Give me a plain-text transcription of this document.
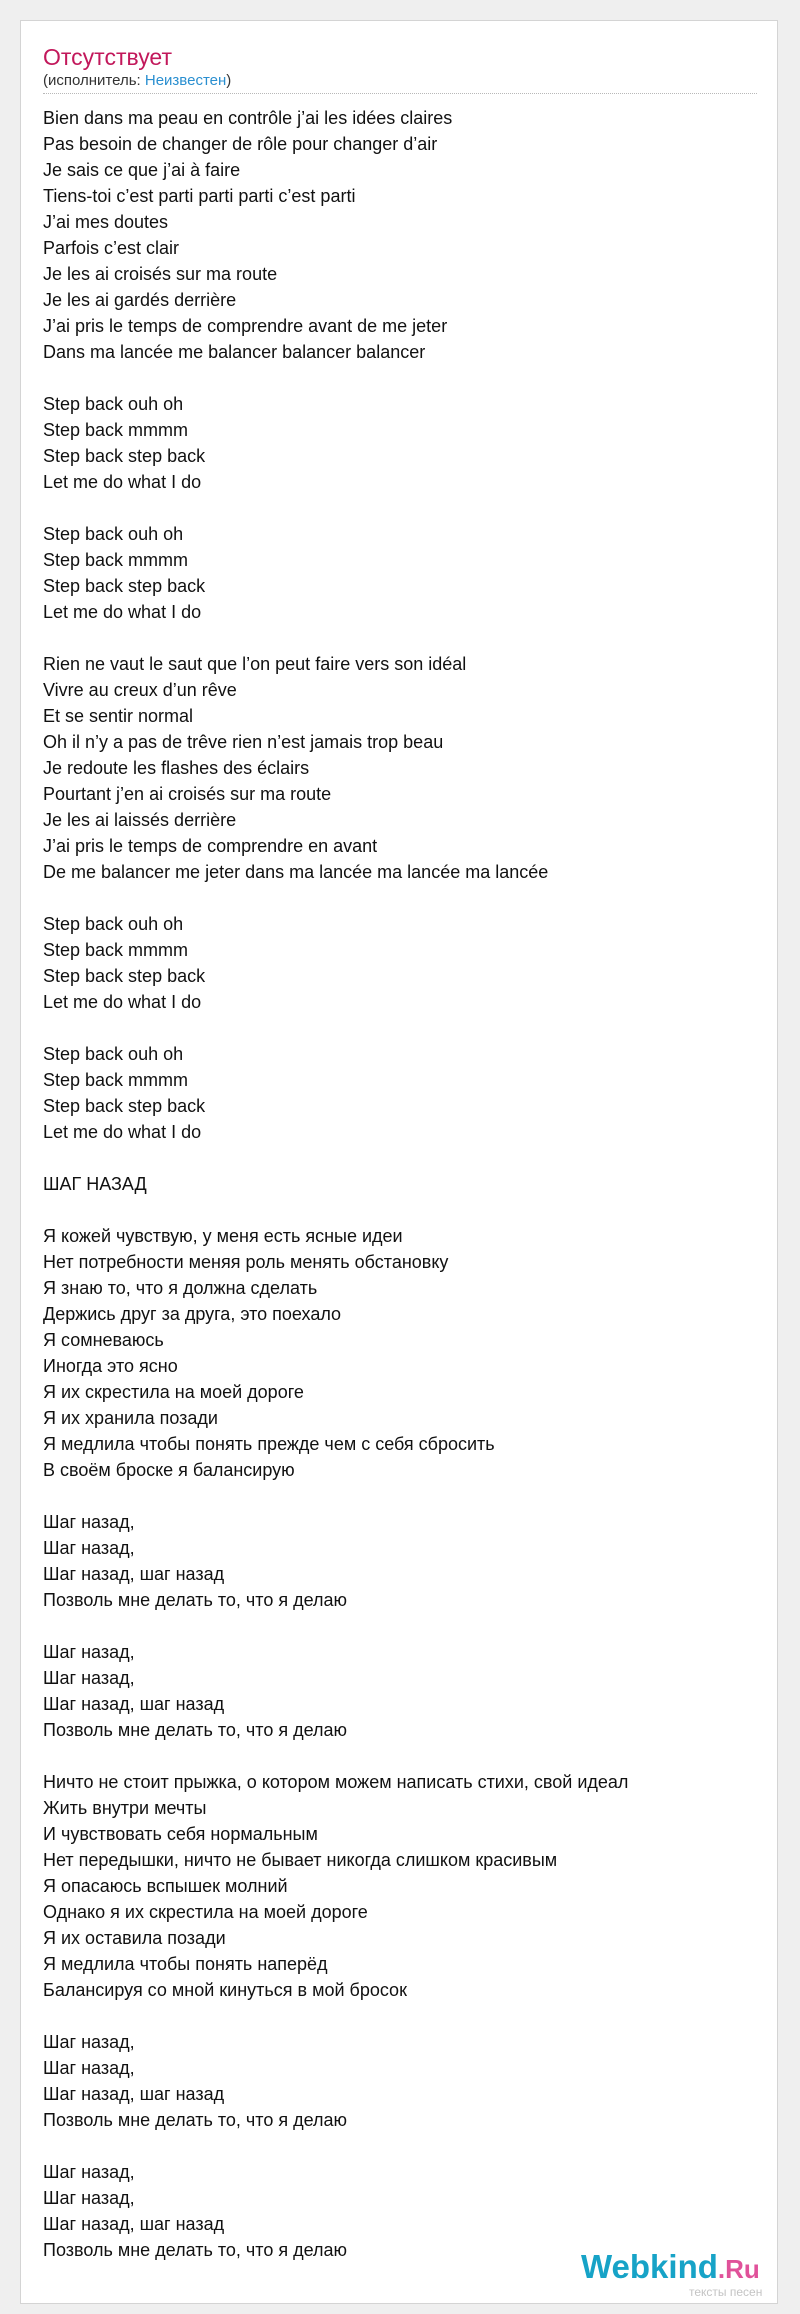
Отсутствует
(исполнитель: Неизвестен)
Bien dans ma peau en contrôle j’ai les idées claires
Pas besoin de changer de rôle pour changer d’air
Je sais ce que j’ai à faire
Tiens-toi c’est parti parti parti c’est parti
J’ai mes doutes
Parfois c’est clair
Je les ai croisés sur ma route
Je les ai gardés derrière
J’ai pris le temps de comprendre avant de me jeter
Dans ma lancée me balancer balancer balancer
Step back ouh oh
Step back mmmm
Step back step back
Let me do what I do
Step back ouh oh
Step back mmmm
Step back step back
Let me do what I do
Rien ne vaut le saut que l’on peut faire vers son idéal
Vivre au creux d’un rêve
Et se sentir normal
Oh il n’y a pas de trêve rien n’est jamais trop beau
Je redoute les flashes des éclairs
Pourtant j’en ai croisés sur ma route
Je les ai laissés derrière
J’ai pris le temps de comprendre en avant
De me balancer me jeter dans ma lancée ma lancée ma lancée
Step back ouh oh
Step back mmmm
Step back step back
Let me do what I do
Step back ouh oh
Step back mmmm
Step back step back
Let me do what I do
ШАГ НАЗАД
Я кожей чувствую, у меня есть ясные идеи
Нет потребности меняя роль менять обстановку
Я знаю то, что я должна сделать
Держись друг за друга, это поехало
Я сомневаюсь
Иногда это ясно
Я их скрестила на моей дороге
Я их хранила позади
Я медлила чтобы понять прежде чем с себя сбросить
В своём броске я балансирую
Шаг назад,
Шаг назад,
Шаг назад, шаг назад
Позволь мне делать то, что я делаю
Шаг назад,
Шаг назад,
Шаг назад, шаг назад
Позволь мне делать то, что я делаю
Ничто не стоит прыжка, о котором можем написать стихи, свой идеал
Жить внутри мечты
И чувствовать себя нормальным
Нет передышки, ничто не бывает никогда слишком красивым
Я опасаюсь вспышек молний
Однако я их скрестила на моей дороге
Я их оставила позади
Я медлила чтобы понять наперёд
Балансируя со мной кинуться в мой бросок
Шаг назад,
Шаг назад,
Шаг назад, шаг назад
Позволь мне делать то, что я делаю
Шаг назад,
Шаг назад,
Шаг назад, шаг назад
Позволь мне делать то, что я делаю	Webkind.Ru
тексты песен
